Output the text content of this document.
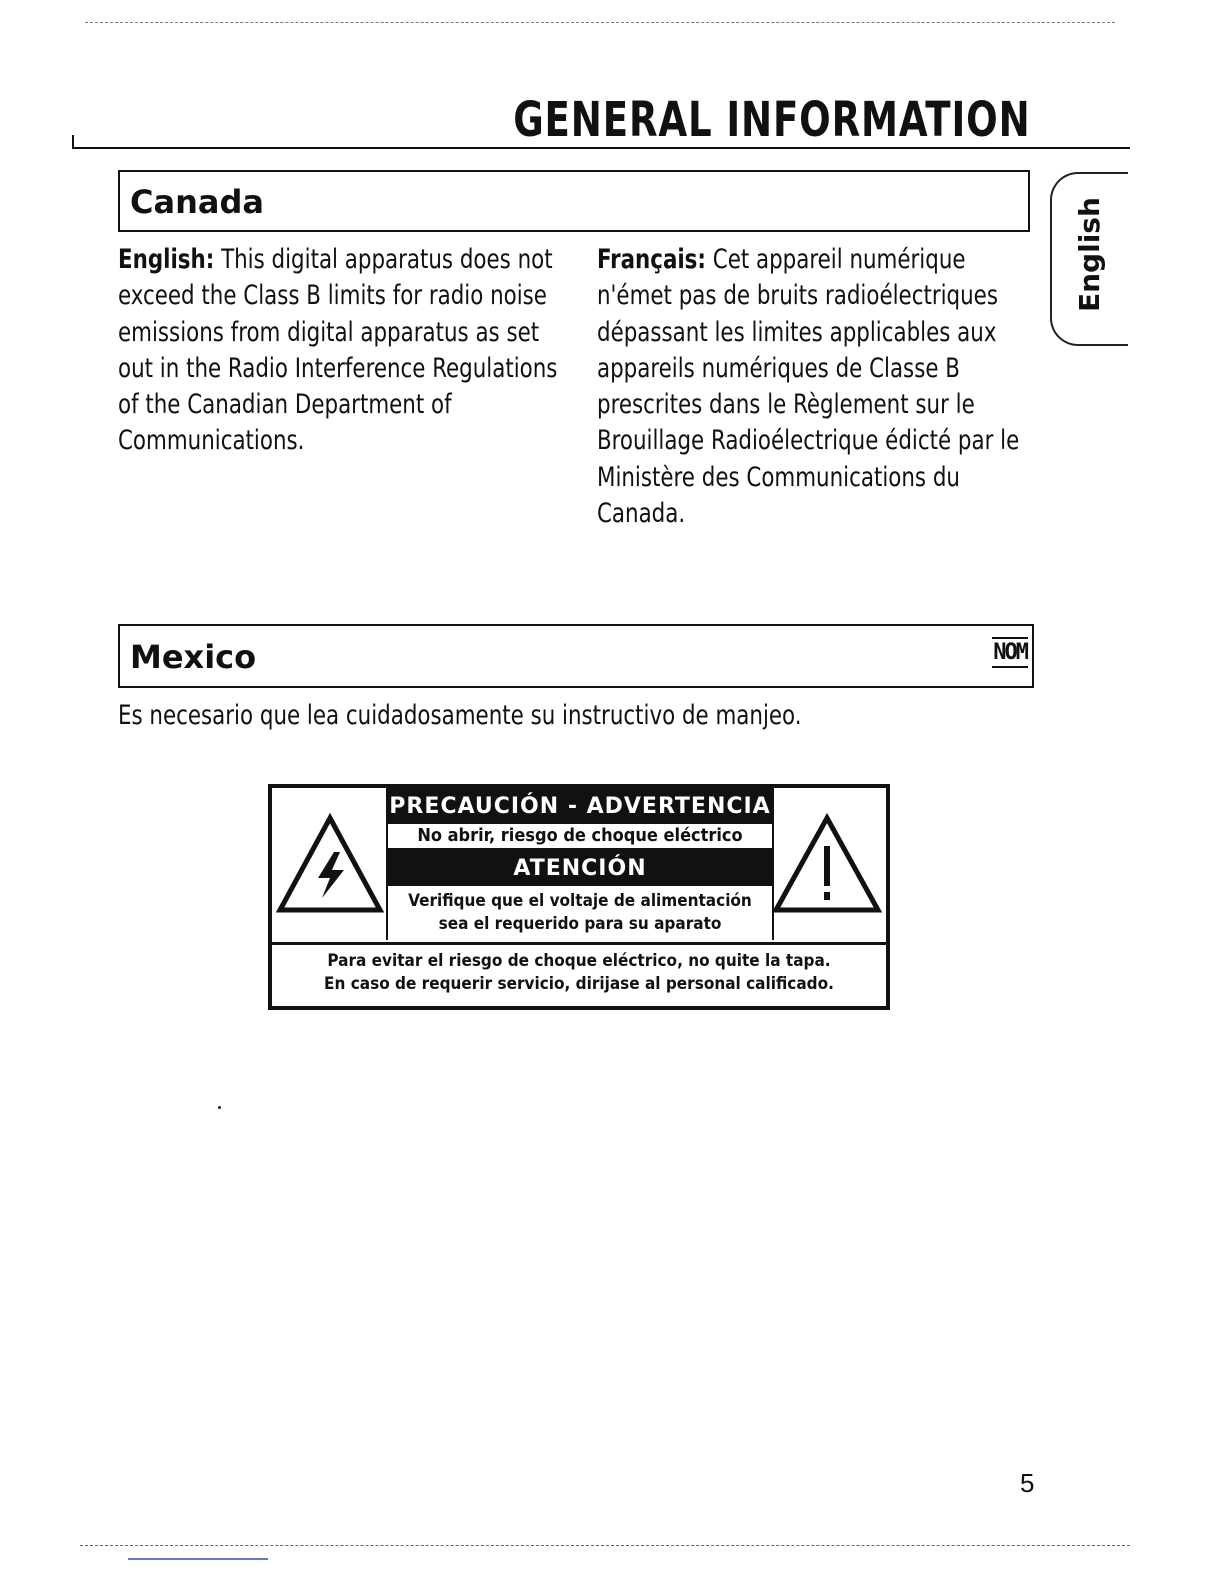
GENERAL INFORMATION
English
Canada
English: This digital apparatus does not exceed the Class B limits for radio noise emissions from digital apparatus as set out in the Radio Interference Regulations of the Canadian Department of Communications.
Français: Cet appareil numérique n'émet pas de bruits radioélectriques dépassant les limites applicables aux appareils numériques de Classe B prescrites dans le Règlement sur le Brouillage Radioélectrique édicté par le Ministère des Communications du Canada.
Mexico	NOM
Es necesario que lea cuidadosamente su instructivo de manjeo.
PRECAUCIÓN - ADVERTENCIA
No abrir, riesgo de choque eléctrico
ATENCIÓN
Verifique que el voltaje de alimentación
sea el requerido para su aparato
Para evitar el riesgo de choque eléctrico, no quite la tapa.
En caso de requerir servicio, dirijase al personal calificado.
5
